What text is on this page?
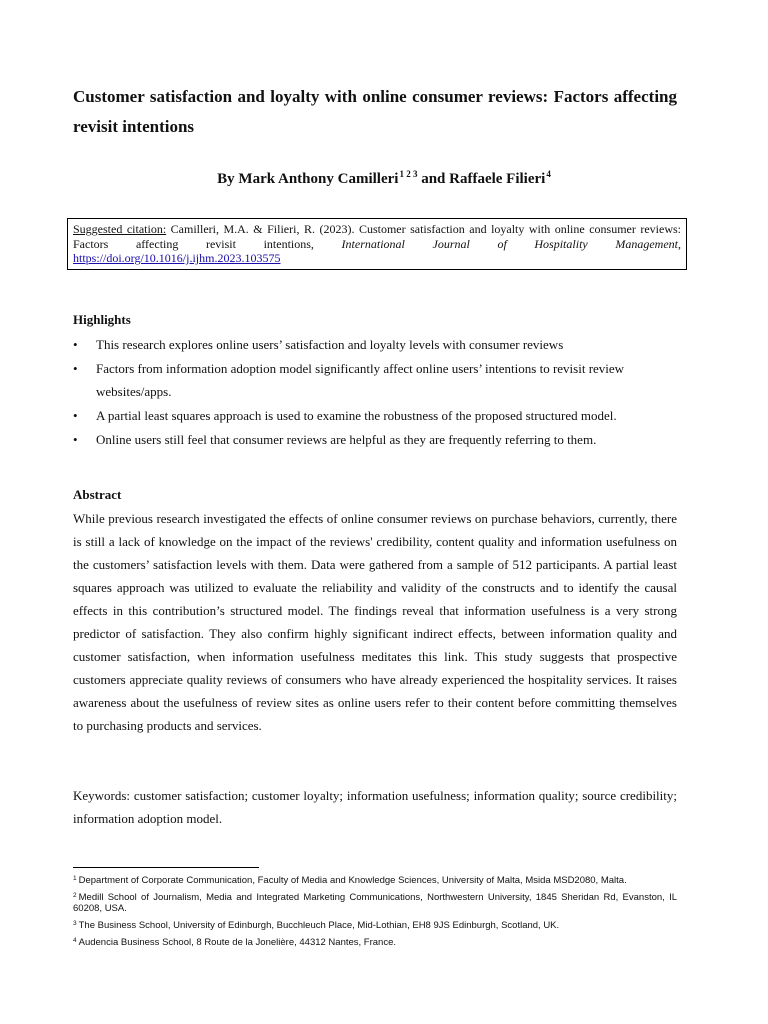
Customer satisfaction and loyalty with online consumer reviews: Factors affecting revisit intentions
By Mark Anthony Camilleri$^{1 2 3}$ and Raffaele Filieri$^4$
Suggested citation: Camilleri, M.A. & Filieri, R. (2023). Customer satisfaction and loyalty with online consumer reviews: Factors affecting revisit intentions, International Journal of Hospitality Management, https://doi.org/10.1016/j.ijhm.2023.103575
Highlights
• This research explores online users’ satisfaction and loyalty levels with consumer reviews
• Factors from information adoption model significantly affect online users’ intentions to revisit review websites/apps.
• A partial least squares approach is used to examine the robustness of the proposed structured model.
• Online users still feel that consumer reviews are helpful as they are frequently referring to them.
Abstract
While previous research investigated the effects of online consumer reviews on purchase behaviors, currently, there is still a lack of knowledge on the impact of the reviews' credibility, content quality and information usefulness on the customers’ satisfaction levels with them. Data were gathered from a sample of 512 participants. A partial least squares approach was utilized to evaluate the reliability and validity of the constructs and to identify the causal effects in this contribution’s structured model. The findings reveal that information usefulness is a very strong predictor of satisfaction. They also confirm highly significant indirect effects, between information quality and customer satisfaction, when information usefulness meditates this link. This study suggests that prospective customers appreciate quality reviews of consumers who have already experienced the hospitality services. It raises awareness about the usefulness of review sites as online users refer to their content before committing themselves to purchasing products and services.
Keywords: customer satisfaction; customer loyalty; information usefulness; information quality; source credibility; information adoption model.
$^1$ Department of Corporate Communication, Faculty of Media and Knowledge Sciences, University of Malta, Msida MSD2080, Malta.
$^2$ Medill School of Journalism, Media and Integrated Marketing Communications, Northwestern University, 1845 Sheridan Rd, Evanston, IL 60208, USA.
$^3$ The Business School, University of Edinburgh, Bucchleuch Place, Mid-Lothian, EH8 9JS Edinburgh, Scotland, UK.
$^4$ Audencia Business School, 8 Route de la Jonelière, 44312 Nantes, France.
